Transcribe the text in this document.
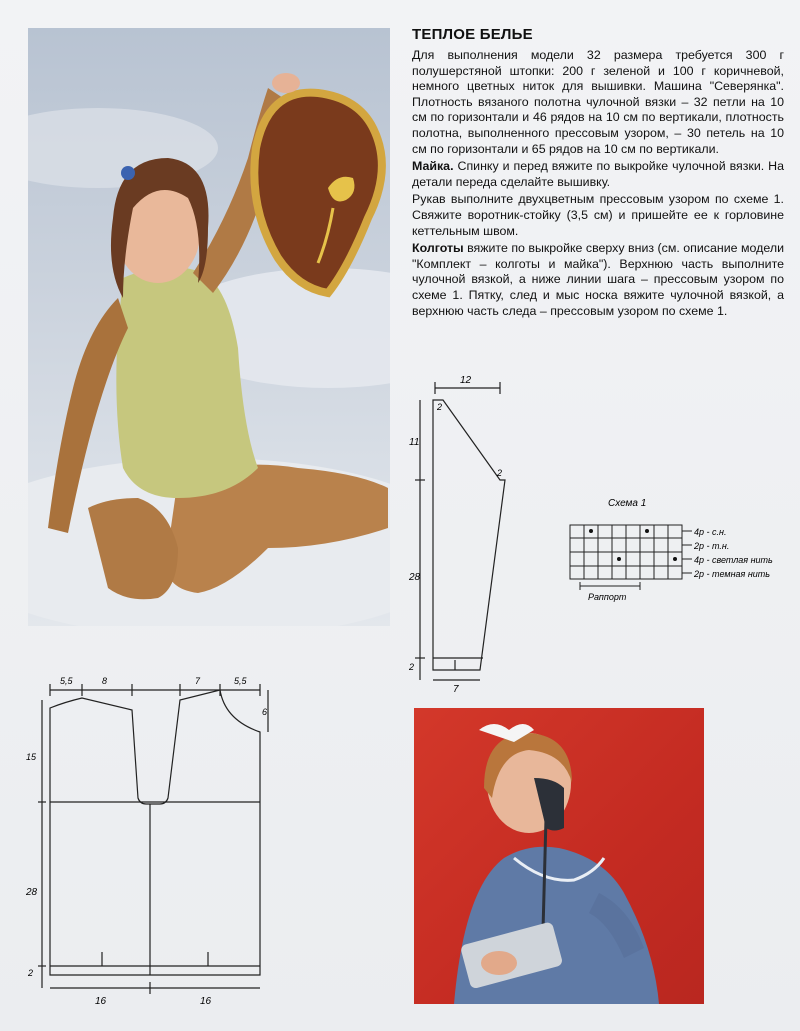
ТЕПЛОЕ БЕЛЬЕ

Для выполнения модели 32 размера требуется 300 г полушерстяной штопки: 200 г зеленой и 100 г коричневой, немного цветных ниток для вышивки. Машина "Северянка". Плотность вязаного полотна чулочной вязки – 32 петли на 10 см по горизонтали и 46 рядов на 10 см по вертикали, плотность полотна, выполненного прессовым узором, – 30 петель на 10 см по горизонтали и 65 рядов на 10 см по вертикали.

Майка. Спинку и перед вяжите по выкройке чулочной вязки. На детали переда сделайте вышивку.

Рукав выполните двухцветным прессовым узором по схеме 1. Свяжите воротник-стойку (3,5 см) и пришейте ее к горловине кеттельным швом.

Колготы вяжите по выкройке сверху вниз (см. описание модели "Комплект – колготы и майка"). Верхнюю часть выполните чулочной вязкой, а ниже линии шага – прессовым узором по схеме 1. Пятку, след и мыс носка вяжите чулочной вязкой, а верхнюю часть следа – прессовым узором по схеме 1.

12
2
2
11
28
2
7
Схема 1
4р - с.н.
2р - т.н.
4р - светлая нить
2р - темная нить
Раппорт
5,5	8	7	5,5
6
15
28
2
16	16
